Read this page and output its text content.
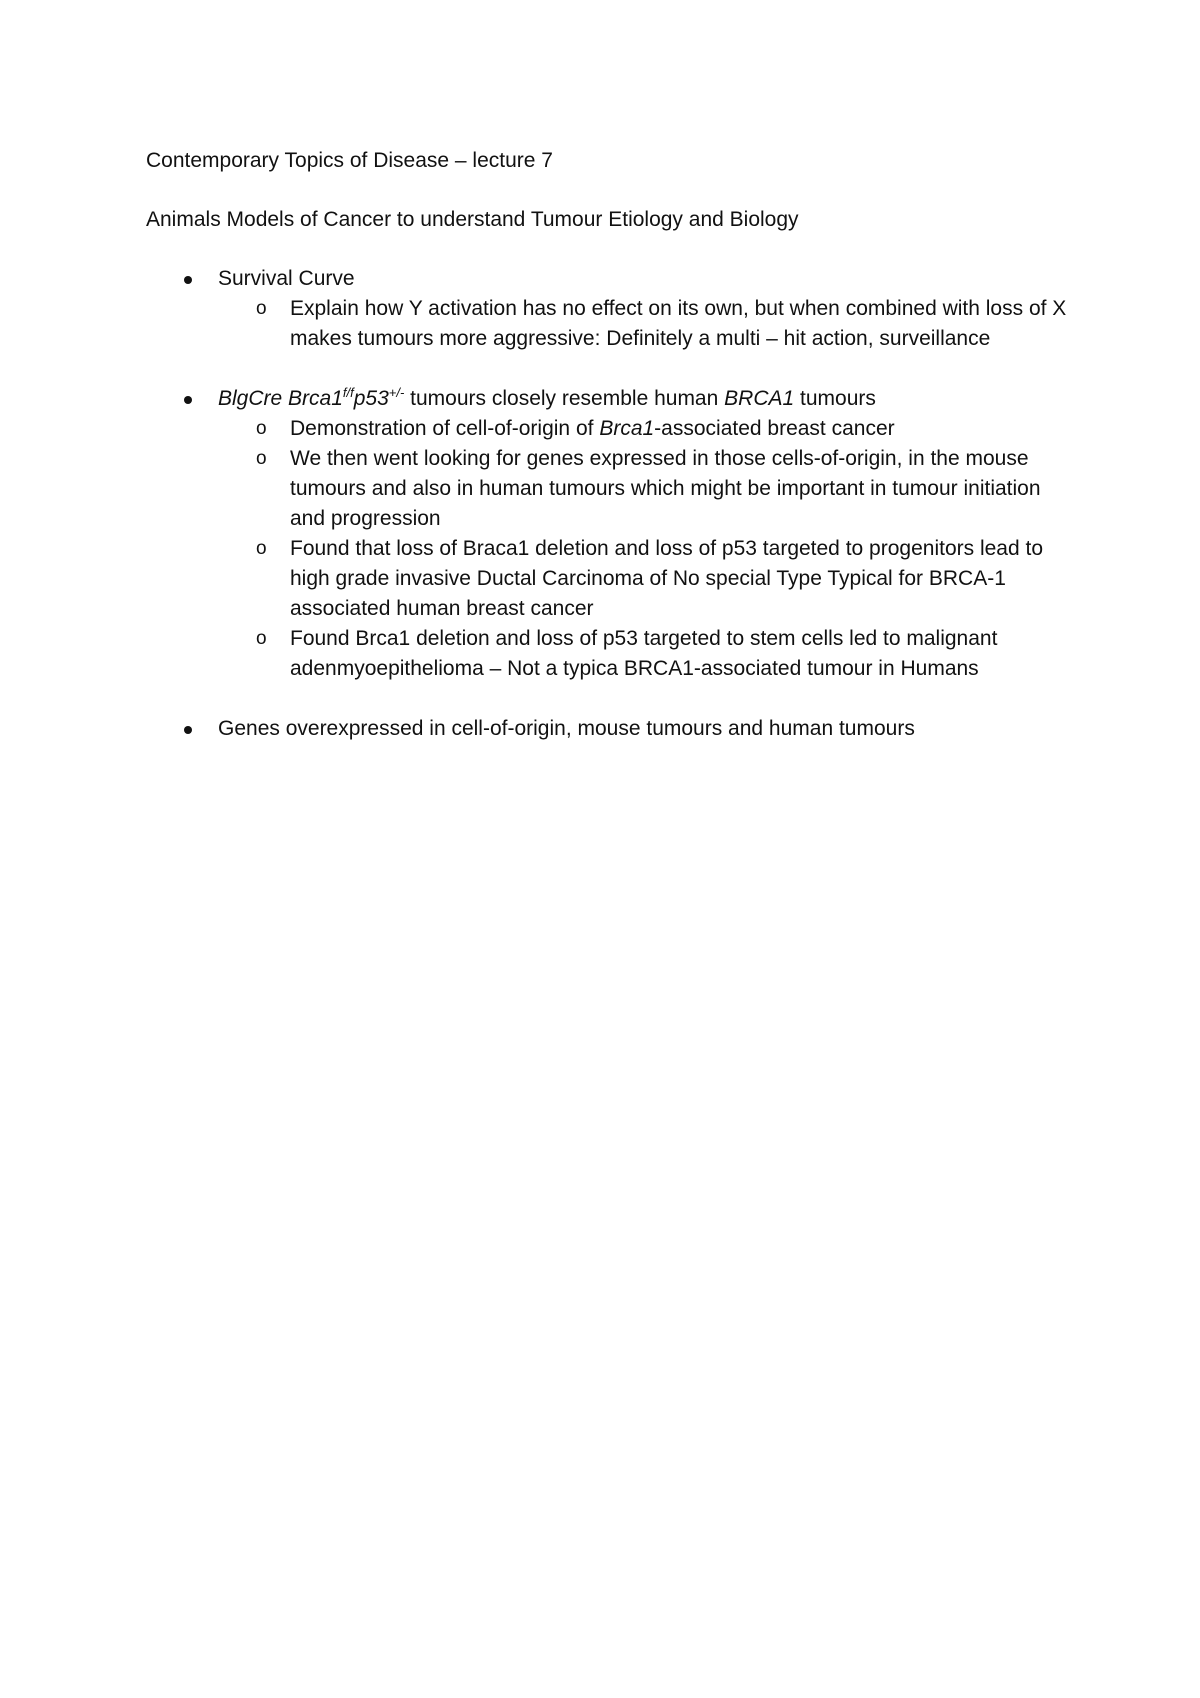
Contemporary Topics of Disease – lecture 7

Animals Models of Cancer to understand Tumour Etiology and Biology

Survival Curve
o Explain how Y activation has no effect on its own, but when combined with loss of X makes tumours more aggressive: Definitely a multi – hit action, surveillance
BlgCre $Brca1^{f/f}p53^{+/-}$ tumours closely resemble human BRCA1 tumours
o Demonstration of cell-of-origin of Brca1-associated breast cancer
o We then went looking for genes expressed in those cells-of-origin, in the mouse tumours and also in human tumours which might be important in tumour initiation and progression
o Found that loss of Braca1 deletion and loss of p53 targeted to progenitors lead to high grade invasive Ductal Carcinoma of No special Type Typical for BRCA-1 associated human breast cancer
o Found Brca1 deletion and loss of p53 targeted to stem cells led to malignant adenmyoepithelioma – Not a typica BRCA1-associated tumour in Humans
Genes overexpressed in cell-of-origin, mouse tumours and human tumours
